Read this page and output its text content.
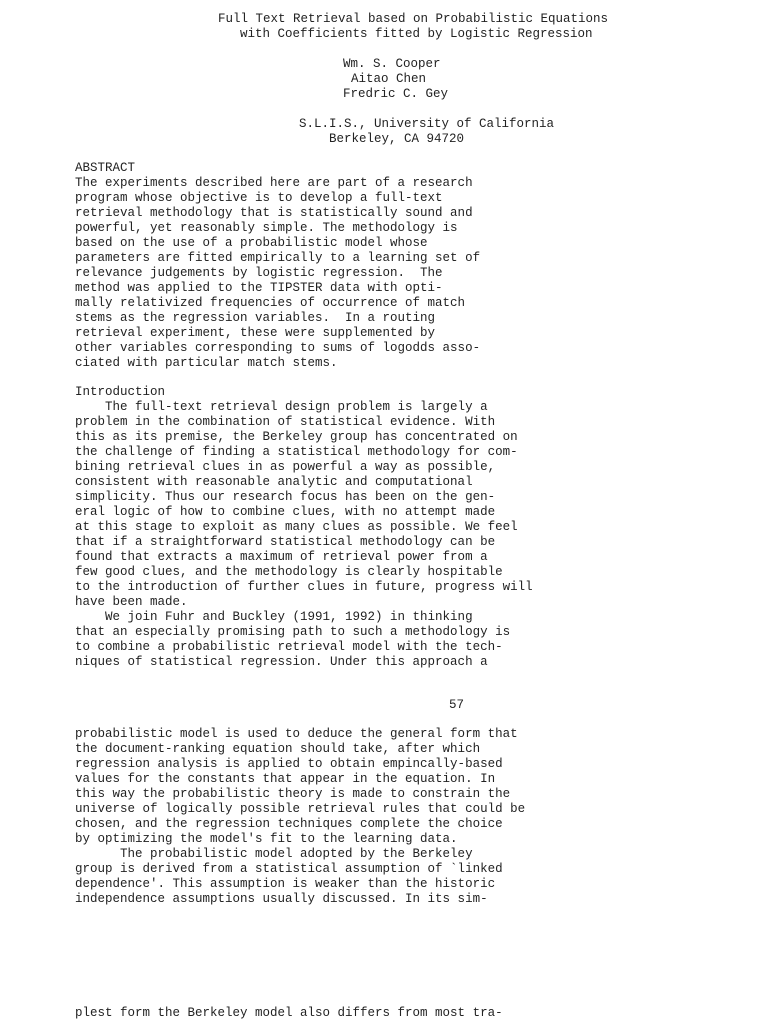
Full Text Retrieval based on Probabilistic Equations
with Coefficients fitted by Logistic Regression
Wm. S. Cooper
Aitao Chen
Fredric C. Gey
S.L.I.S., University of California
Berkeley, CA 94720
ABSTRACT
The experiments described here are part of a research
program whose objective is to develop a full-text
retrieval methodology that is statistically sound and
powerful, yet reasonably simple. The methodology is
based on the use of a probabilistic model whose
parameters are fitted empirically to a learning set of
relevance judgements by logistic regression.  The
method was applied to the TIPSTER data with opti-
mally relativized frequencies of occurrence of match
stems as the regression variables.  In a routing
retrieval experiment, these were supplemented by
other variables corresponding to sums of logodds asso-
ciated with particular match stems.
Introduction
The full-text retrieval design problem is largely a
problem in the combination of statistical evidence. With
this as its premise, the Berkeley group has concentrated on
the challenge of finding a statistical methodology for com-
bining retrieval clues in as powerful a way as possible,
consistent with reasonable analytic and computational
simplicity. Thus our research focus has been on the gen-
eral logic of how to combine clues, with no attempt made
at this stage to exploit as many clues as possible. We feel
that if a straightforward statistical methodology can be
found that extracts a maximum of retrieval power from a
few good clues, and the methodology is clearly hospitable
to the introduction of further clues in future, progress will
have been made.
We join Fuhr and Buckley (1991, 1992) in thinking
that an especially promising path to such a methodology is
to combine a probabilistic retrieval model with the tech-
niques of statistical regression. Under this approach a
57
probabilistic model is used to deduce the general form that
the document-ranking equation should take, after which
regression analysis is applied to obtain empincally-based
values for the constants that appear in the equation. In
this way the probabilistic theory is made to constrain the
universe of logically possible retrieval rules that could be
chosen, and the regression techniques complete the choice
by optimizing the model's fit to the learning data.
The probabilistic model adopted by the Berkeley
group is derived from a statistical assumption of `linked
dependence'. This assumption is weaker than the historic
independence assumptions usually discussed. In its sim-
plest form the Berkeley model also differs from most tra-
